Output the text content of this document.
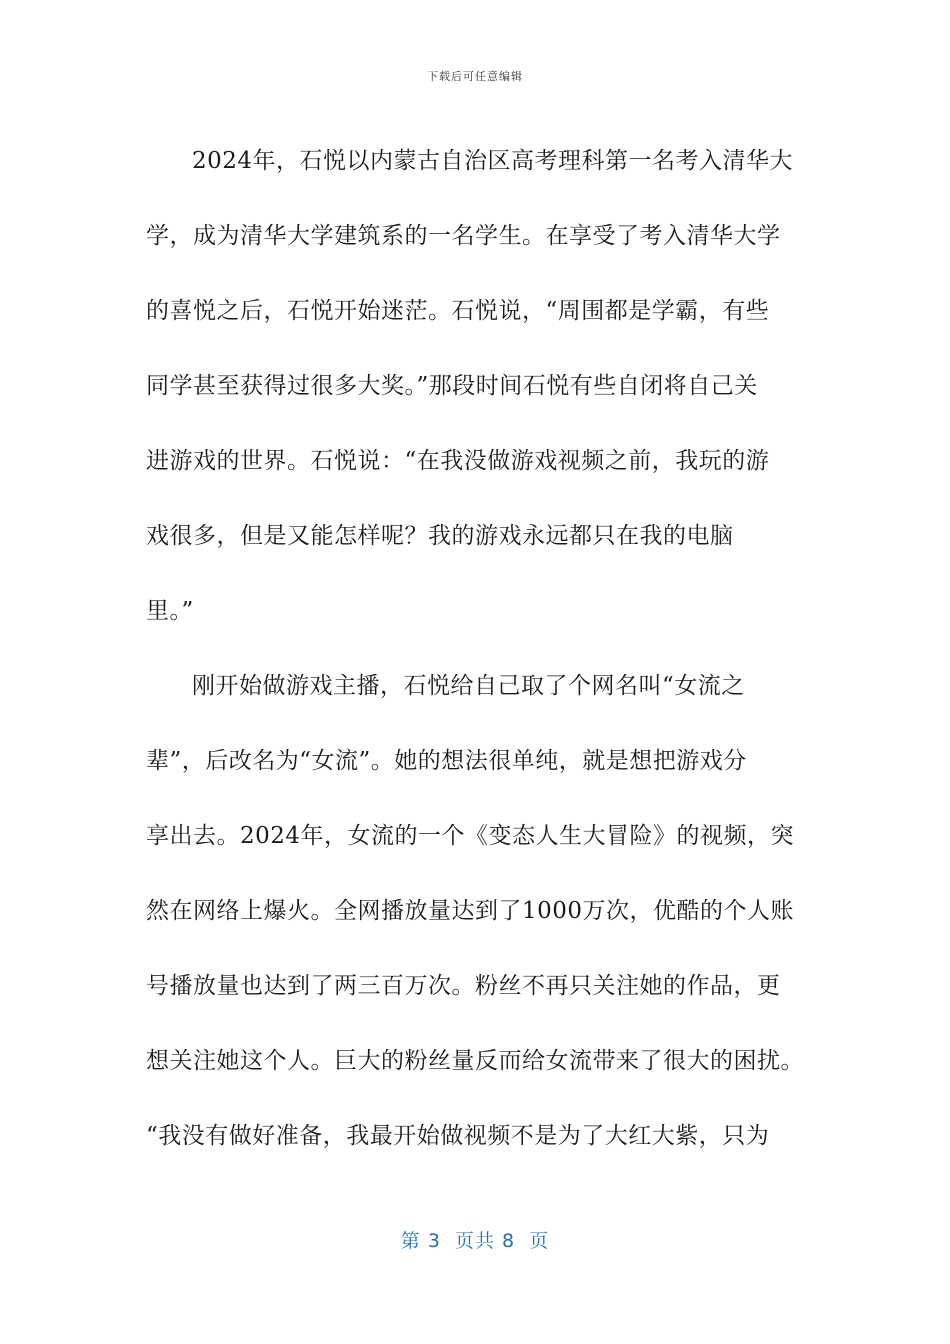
下载后可任意编辑
2024年，石悦以内蒙古自治区高考理科第一名考入清华大
学，成为清华大学建筑系的一名学生。在享受了考入清华大学
的喜悦之后，石悦开始迷茫。石悦说，“周围都是学霸，有些
同学甚至获得过很多大奖。”那段时间石悦有些自闭将自己关
进游戏的世界。石悦说：“在我没做游戏视频之前，我玩的游
戏很多，但是又能怎样呢？我的游戏永远都只在我的电脑
里。”
刚开始做游戏主播，石悦给自己取了个网名叫“女流之
辈”，后改名为“女流”。她的想法很单纯，就是想把游戏分
享出去。2024年，女流的一个《变态人生大冒险》的视频，突
然在网络上爆火。全网播放量达到了1000万次，优酷的个人账
号播放量也达到了两三百万次。粉丝不再只关注她的作品，更
想关注她这个人。巨大的粉丝量反而给女流带来了很大的困扰。
“我没有做好准备，我最开始做视频不是为了大红大紫，只为
第 3  页共 8  页
